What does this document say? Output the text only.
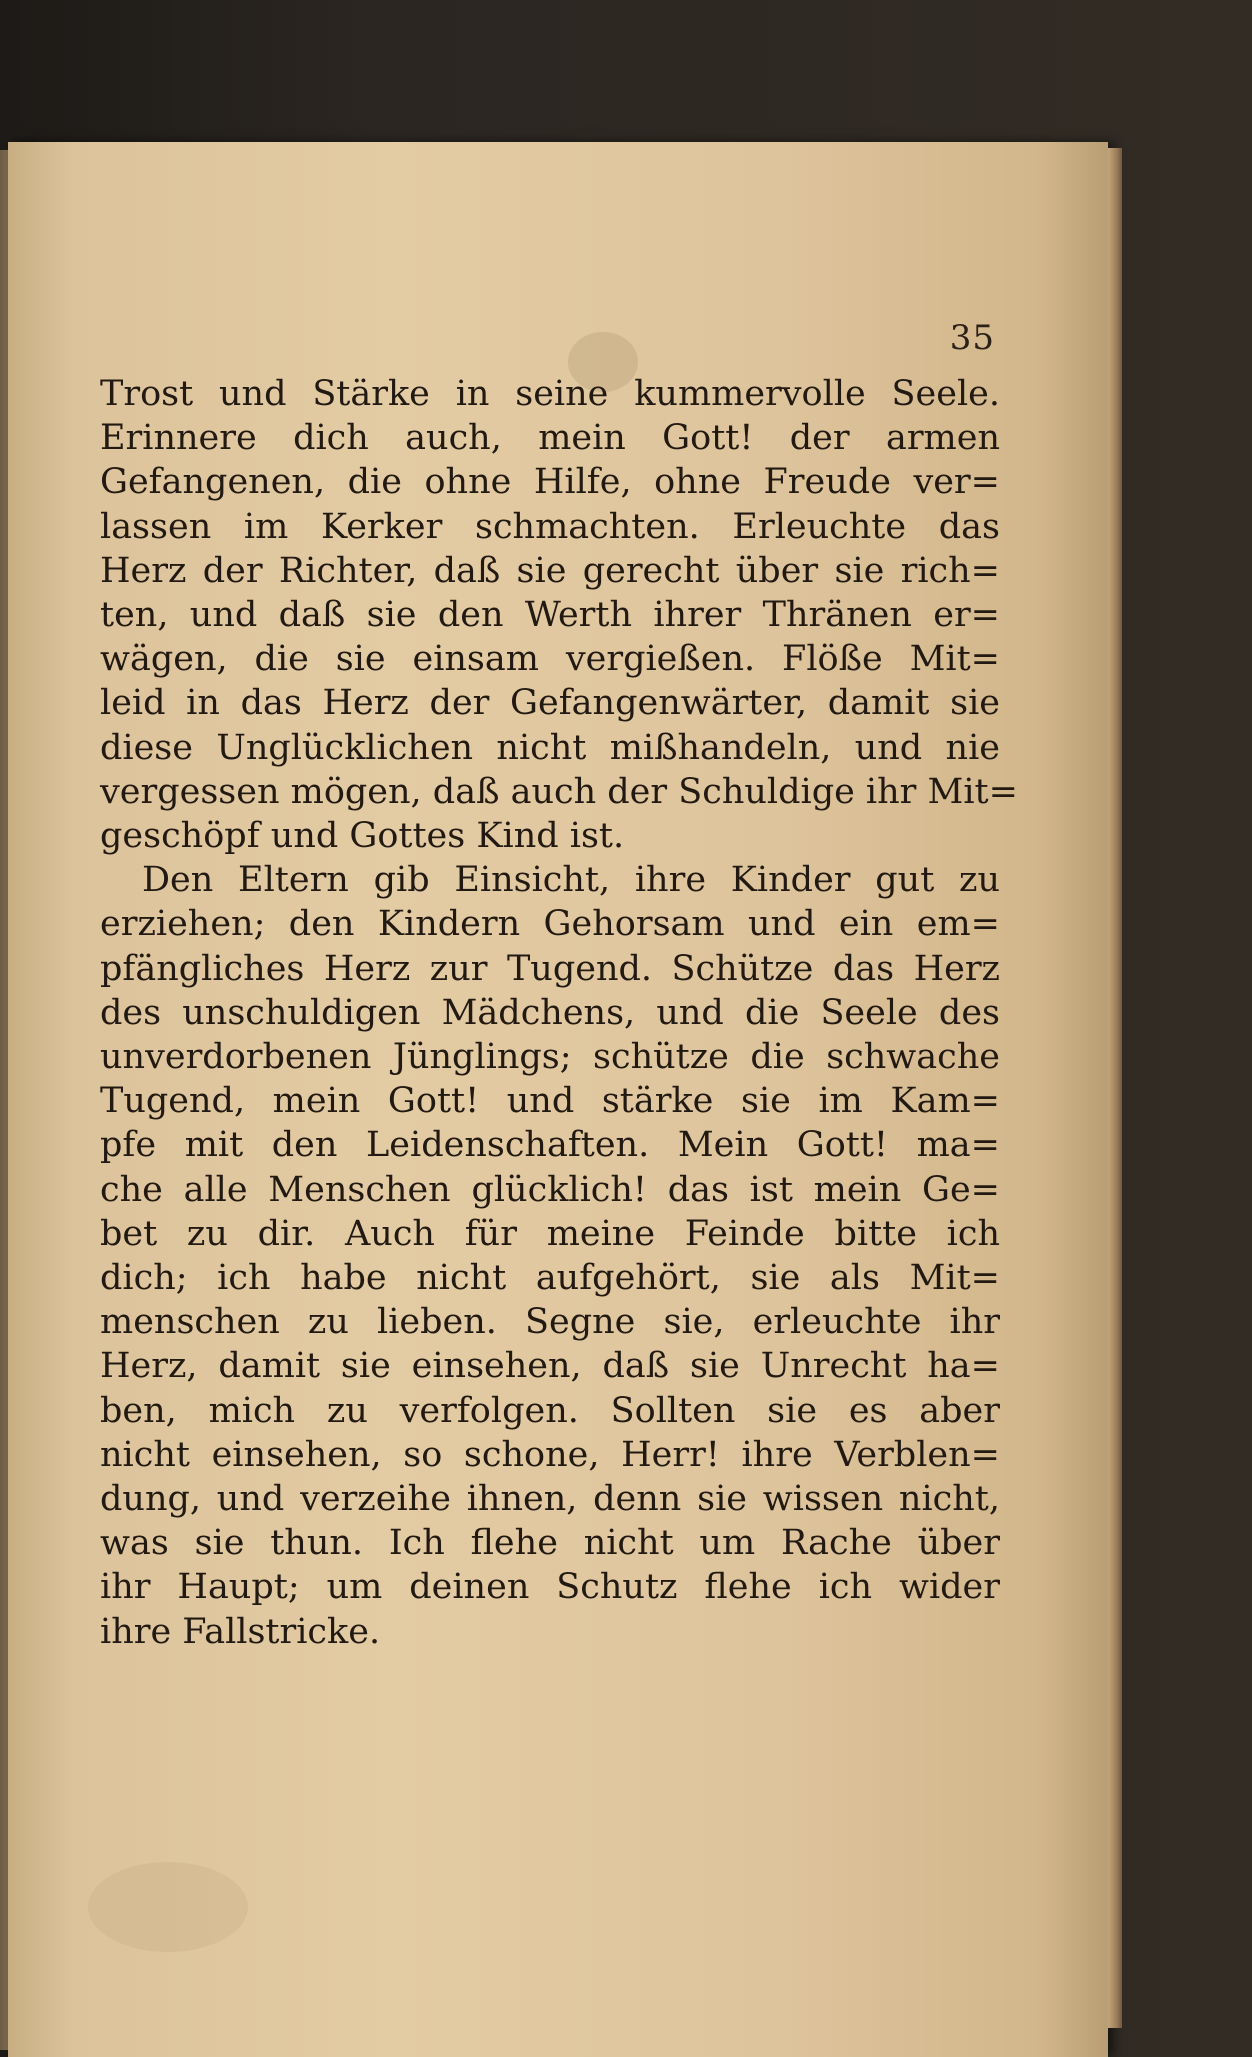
35
Trost und Stärke in seine kummervolle Seele.
Erinnere dich auch, mein Gott! der armen
Gefangenen, die ohne Hilfe, ohne Freude ver=
lassen im Kerker schmachten. Erleuchte das
Herz der Richter, daß sie gerecht über sie rich=
ten, und daß sie den Werth ihrer Thränen er=
wägen, die sie einsam vergießen. Flöße Mit=
leid in das Herz der Gefangenwärter, damit sie
diese Unglücklichen nicht mißhandeln, und nie
vergessen mögen, daß auch der Schuldige ihr Mit=
geschöpf und Gottes Kind ist.
Den Eltern gib Einsicht, ihre Kinder gut zu
erziehen; den Kindern Gehorsam und ein em=
pfängliches Herz zur Tugend. Schütze das Herz
des unschuldigen Mädchens, und die Seele des
unverdorbenen Jünglings; schütze die schwache
Tugend, mein Gott! und stärke sie im Kam=
pfe mit den Leidenschaften. Mein Gott! ma=
che alle Menschen glücklich! das ist mein Ge=
bet zu dir. Auch für meine Feinde bitte ich
dich; ich habe nicht aufgehört, sie als Mit=
menschen zu lieben. Segne sie, erleuchte ihr
Herz, damit sie einsehen, daß sie Unrecht ha=
ben, mich zu verfolgen. Sollten sie es aber
nicht einsehen, so schone, Herr! ihre Verblen=
dung, und verzeihe ihnen, denn sie wissen nicht,
was sie thun. Ich flehe nicht um Rache über
ihr Haupt; um deinen Schutz flehe ich wider
ihre Fallstricke.
